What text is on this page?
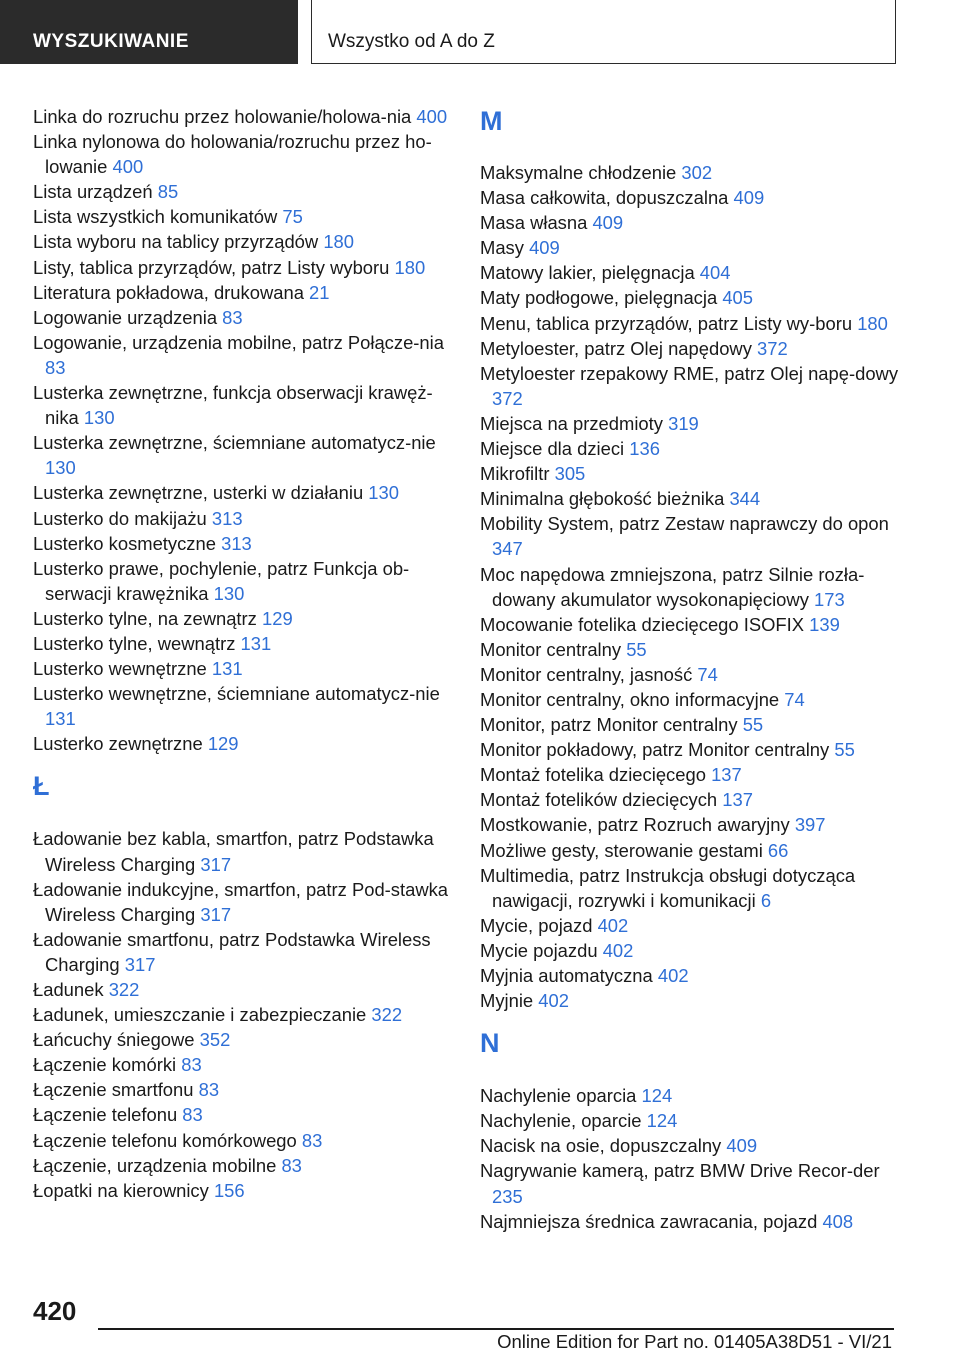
WYSZUKIWANIE	Wszystko od A do Z
Linka do rozruchu przez holowanie/holowa-nia 400
Linka nylonowa do holowania/rozruchu przez ho-lowanie 400
Lista urządzeń 85
Lista wszystkich komunikatów 75
Lista wyboru na tablicy przyrządów 180
Listy, tablica przyrządów, patrz Listy wyboru 180
Literatura pokładowa, drukowana 21
Logowanie urządzenia 83
Logowanie, urządzenia mobilne, patrz Połącze-nia 83
Lusterka zewnętrzne, funkcja obserwacji krawęż-nika 130
Lusterka zewnętrzne, ściemniane automatycz-nie 130
Lusterka zewnętrzne, usterki w działaniu 130
Lusterko do makijażu 313
Lusterko kosmetyczne 313
Lusterko prawe, pochylenie, patrz Funkcja ob-serwacji krawężnika 130
Lusterko tylne, na zewnątrz 129
Lusterko tylne, wewnątrz 131
Lusterko wewnętrzne 131
Lusterko wewnętrzne, ściemniane automatycz-nie 131
Lusterko zewnętrzne 129
Ł
Ładowanie bez kabla, smartfon, patrz Podstawka Wireless Charging 317
Ładowanie indukcyjne, smartfon, patrz Pod-stawka Wireless Charging 317
Ładowanie smartfonu, patrz Podstawka Wireless Charging 317
Ładunek 322
Ładunek, umieszczanie i zabezpieczanie 322
Łańcuchy śniegowe 352
Łączenie komórki 83
Łączenie smartfonu 83
Łączenie telefonu 83
Łączenie telefonu komórkowego 83
Łączenie, urządzenia mobilne 83
Łopatki na kierownicy 156
M
Maksymalne chłodzenie 302
Masa całkowita, dopuszczalna 409
Masa własna 409
Masy 409
Matowy lakier, pielęgnacja 404
Maty podłogowe, pielęgnacja 405
Menu, tablica przyrządów, patrz Listy wy-boru 180
Metyloester, patrz Olej napędowy 372
Metyloester rzepakowy RME, patrz Olej napę-dowy 372
Miejsca na przedmioty 319
Miejsce dla dzieci 136
Mikrofiltr 305
Minimalna głębokość bieżnika 344
Mobility System, patrz Zestaw naprawczy do opon 347
Moc napędowa zmniejszona, patrz Silnie rozła-dowany akumulator wysokonapięciowy 173
Mocowanie fotelika dziecięcego ISOFIX 139
Monitor centralny 55
Monitor centralny, jasność 74
Monitor centralny, okno informacyjne 74
Monitor, patrz Monitor centralny 55
Monitor pokładowy, patrz Monitor centralny 55
Montaż fotelika dziecięcego 137
Montaż fotelików dziecięcych 137
Mostkowanie, patrz Rozruch awaryjny 397
Możliwe gesty, sterowanie gestami 66
Multimedia, patrz Instrukcja obsługi dotycząca nawigacji, rozrywki i komunikacji 6
Mycie, pojazd 402
Mycie pojazdu 402
Myjnia automatyczna 402
Myjnie 402
N
Nachylenie oparcia 124
Nachylenie, oparcie 124
Nacisk na osie, dopuszczalny 409
Nagrywanie kamerą, patrz BMW Drive Recor-der 235
Najmniejsza średnica zawracania, pojazd 408
420
Online Edition for Part no. 01405A38D51 - VI/21
